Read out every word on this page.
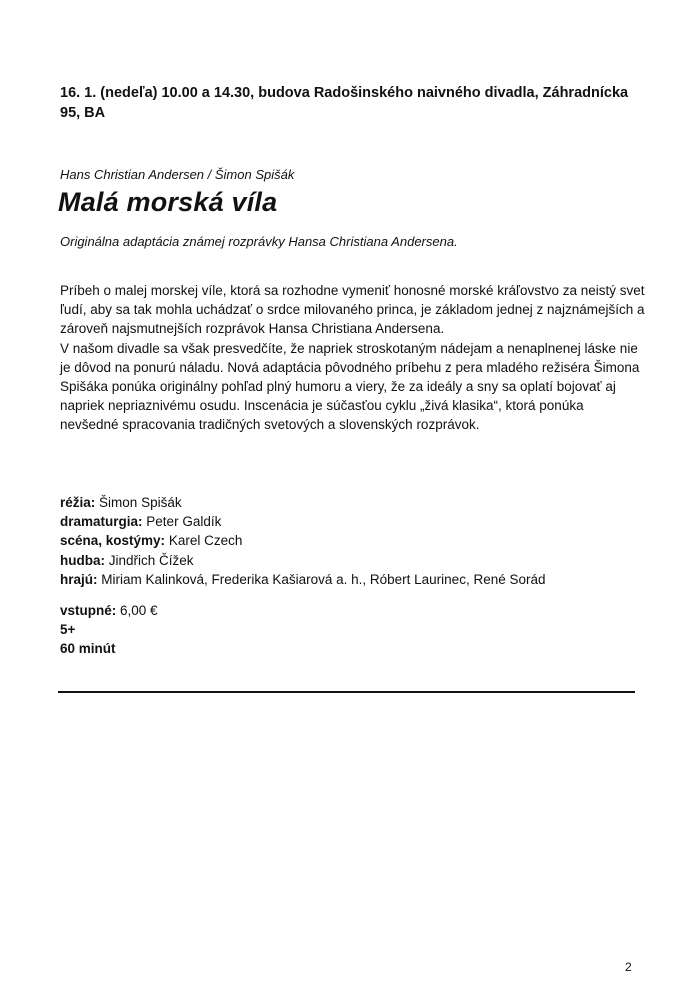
16. 1. (nedeľa) 10.00 a 14.30, budova Radošinského naivného divadla, Záhradnícka 95, BA
Hans Christian Andersen / Šimon Spišák
Malá morská víla
Originálna adaptácia známej rozprávky Hansa Christiana Andersena.

Príbeh o malej morskej víle, ktorá sa rozhodne vymeniť honosné morské kráľovstvo za neistý svet ľudí, aby sa tak mohla uchádzať o srdce milovaného princa, je základom jednej z najznámejších a zároveň najsmutnejších rozprávok Hansa Christiana Andersena.

V našom divadle sa však presvedčíte, že napriek stroskotaným nádejam a nenaplnenej láske nie je dôvod na ponurú náladu. Nová adaptácia pôvodného príbehu z pera mladého režiséra Šimona Spišáka ponúka originálny pohľad plný humoru a viery, že za ideály a sny sa oplatí bojovať aj napriek nepriaznivému osudu. Inscenácia je súčasťou cyklu „živá klasika“, ktorá ponúka nevšedné spracovania tradičných svetových a slovenských rozprávok.

réžia: Šimon Spišák
dramaturgia: Peter Galdík
scéna, kostýmy: Karel Czech
hudba: Jindřich Čížek
hrajú: Miriam Kalinková, Frederika Kašiarová a. h., Róbert Laurinec, René Sorád
vstupné: 6,00 €
5+
60 minút
2
